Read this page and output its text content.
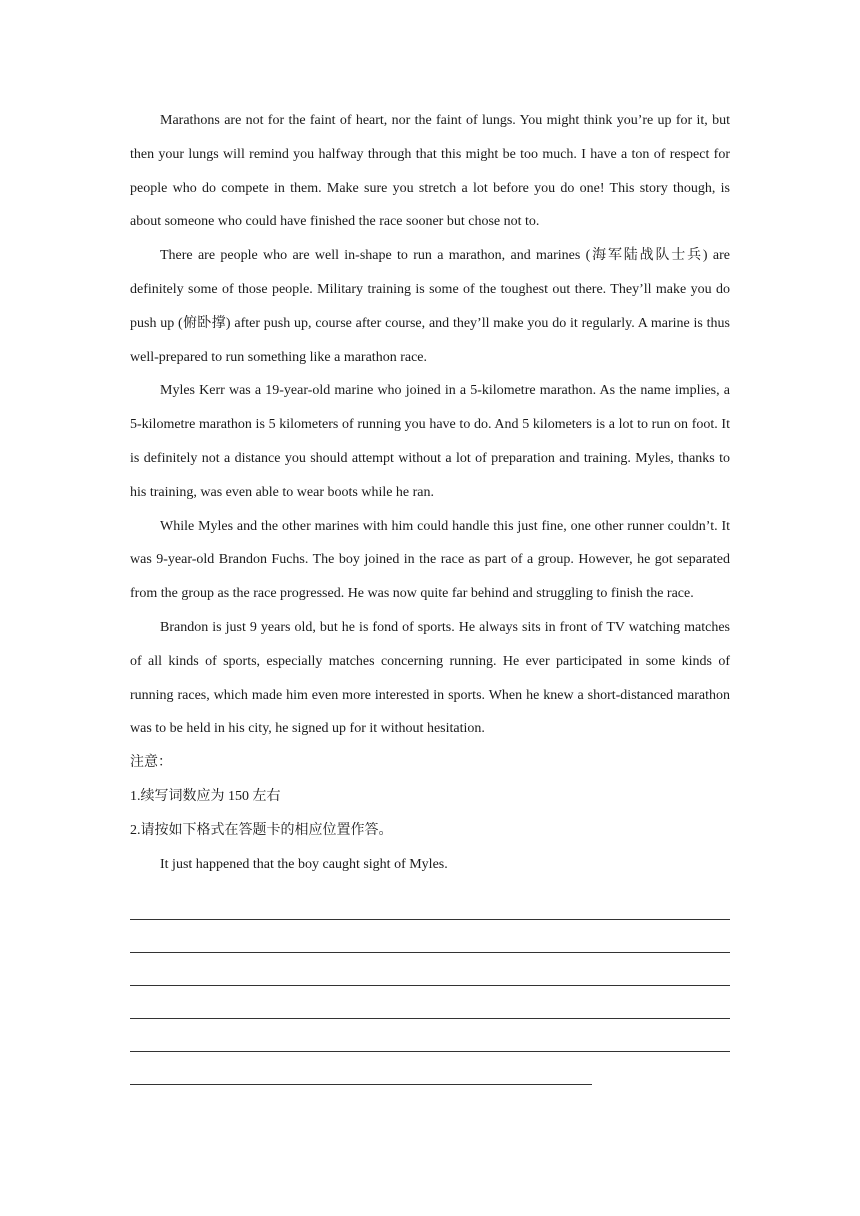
Marathons are not for the faint of heart, nor the faint of lungs. You might think you’re up for it, but then your lungs will remind you halfway through that this might be too much. I have a ton of respect for people who do compete in them. Make sure you stretch a lot before you do one! This story though, is about someone who could have finished the race sooner but chose not to.

There are people who are well in-shape to run a marathon, and marines (海军陆战队士兵) are definitely some of those people. Military training is some of the toughest out there. They’ll make you do push up (俯卧撑) after push up, course after course, and they’ll make you do it regularly. A marine is thus well-prepared to run something like a marathon race.

Myles Kerr was a 19-year-old marine who joined in a 5-kilometre marathon. As the name implies, a 5-kilometre marathon is 5 kilometers of running you have to do. And 5 kilometers is a lot to run on foot. It is definitely not a distance you should attempt without a lot of preparation and training. Myles, thanks to his training, was even able to wear boots while he ran.

While Myles and the other marines with him could handle this just fine, one other runner couldn’t. It was 9-year-old Brandon Fuchs. The boy joined in the race as part of a group. However, he got separated from the group as the race progressed. He was now quite far behind and struggling to finish the race.

Brandon is just 9 years old, but he is fond of sports. He always sits in front of TV watching matches of all kinds of sports, especially matches concerning running. He ever participated in some kinds of running races, which made him even more interested in sports. When he knew a short-distanced marathon was to be held in his city, he signed up for it without hesitation.

注意：

1.续写词数应为 150 左右

2.请按如下格式在答题卡的相应位置作答。

It just happened that the boy caught sight of Myles.
